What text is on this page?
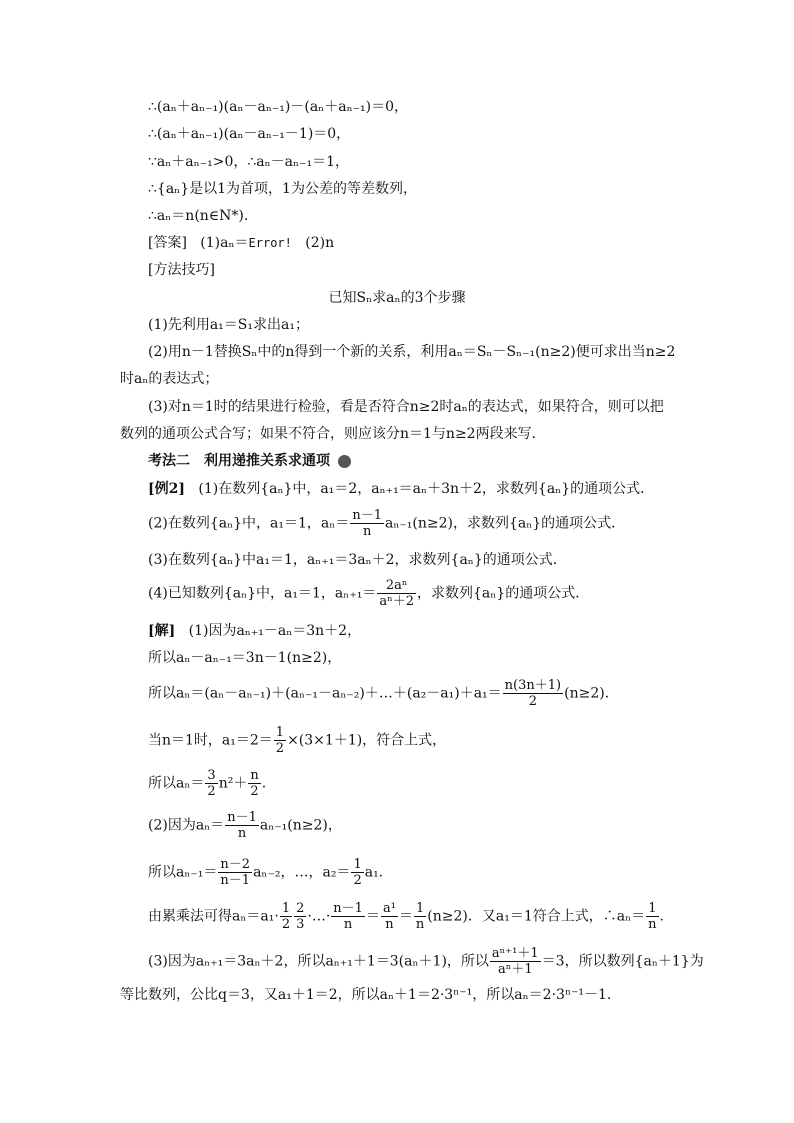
∴(aₙ＋aₙ₋₁)(aₙ－aₙ₋₁)－(aₙ＋aₙ₋₁)＝0，
∴(aₙ＋aₙ₋₁)(aₙ－aₙ₋₁－1)＝0，
∵aₙ＋aₙ₋₁>0，∴aₙ－aₙ₋₁＝1，
∴{aₙ}是以1为首项，1为公差的等差数列，
∴aₙ＝n(n∈N*)．
[答案] (1)aₙ＝Error! (2)n
[方法技巧]
已知Sₙ求aₙ的3个步骤
(1)先利用a₁＝S₁求出a₁；
(2)用n－1替换Sₙ中的n得到一个新的关系，利用aₙ＝Sₙ－Sₙ₋₁(n≥2)便可求出当n≥2
时aₙ的表达式；
(3)对n＝1时的结果进行检验，看是否符合n≥2时aₙ的表达式，如果符合，则可以把
数列的通项公式合写；如果不符合，则应该分n＝1与n≥2两段来写．
考法二　利用递推关系求通项
[例2] (1)在数列{aₙ}中，a₁＝2，aₙ₊₁＝aₙ＋3n＋2，求数列{aₙ}的通项公式．
(2)在数列{aₙ}中，a₁＝1，$a_n= \frac{n-1}{n} a_{n-1}(n\ge 2)$，求数列{aₙ}的通项公式．
(3)在数列{aₙ}中a₁＝1，aₙ₊₁＝3aₙ＋2，求数列{aₙ}的通项公式．
(4)已知数列{aₙ}中，a₁＝1，$a_{n+1}= \frac{\text{2aⁿ}}{\text{aⁿ＋2}}$ ，求数列{aₙ}的通项公式．
[解] (1)因为aₙ₊₁－aₙ＝3n＋2，
所以aₙ－aₙ₋₁＝3n－1(n≥2)，
所以aₙ＝(aₙ－aₙ₋₁)＋(aₙ₋₁－aₙ₋₂)＋…＋(a₂－a₁)＋a₁＝ $\frac{n(3n+1)}{2} (n\ge 2)$．
当n＝1时，$a_1=2= \frac{1}{2} \times(3\times 1+1)$，符合上式，
所以$a_n= \frac{3}{2} n^2+ \frac{n}{2}$ .
(2)因为$a_n= \frac{n-1}{n} a_{n-1}(n\ge 2)$，
所以$a_{n-1}= \frac{n-2}{n-1} a_{n-2}$，…，$a_2= \frac{1}{2} a_1$.
由累乘法可得$a_n=a_1\cdot \frac{1}{2} \frac{2}{3}$ ·…· $\frac{n-1}{n} = \frac{\text{a¹}}{n} = \frac{1}{n} (n\ge 2)$．又a₁＝1符合上式，∴aₙ＝ $\frac{1}{n}$ .
(3)因为aₙ₊₁＝3aₙ＋2，所以aₙ₊₁＋1＝3(aₙ＋1)，所以 $\frac{\text{aⁿ⁺¹＋1}}{\text{aⁿ＋1}} =3$，所以数列{aₙ＋1}为
等比数列，公比q＝3，又a₁＋1＝2，所以aₙ＋1＝2·3ⁿ⁻¹，所以aₙ＝2·3ⁿ⁻¹－1.
